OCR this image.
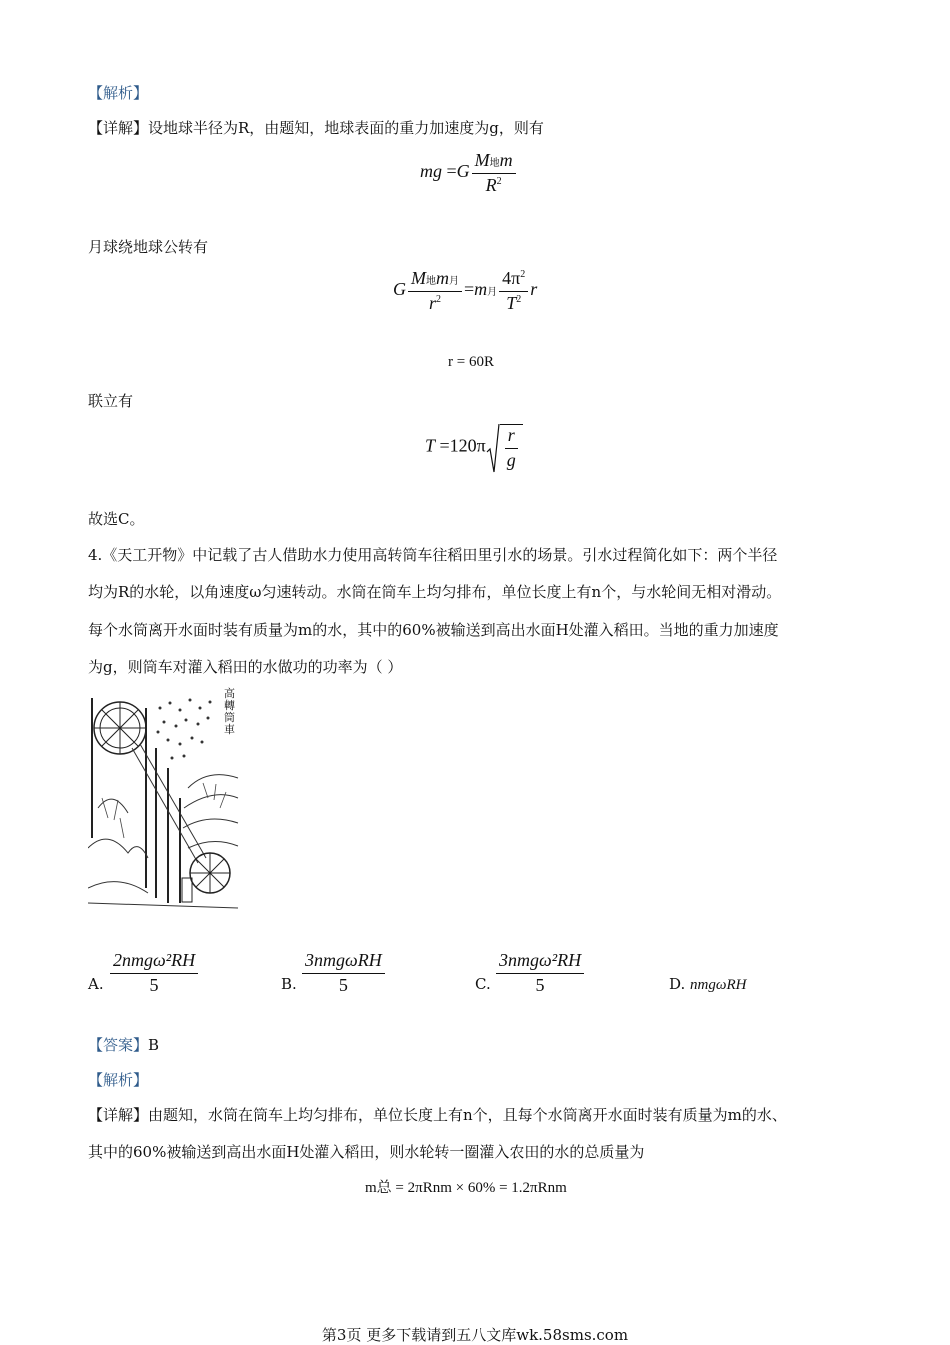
【解析】
【详解】设地球半径为R，由题知，地球表面的重力加速度为g，则有
mg $=G \frac{\text{M地m}}{R^2}$
月球绕地球公转有
G $\frac{\text{M地m月}}{r^2} =m$月 $\frac{4\pi^2}{T^2}$ r
r = 60R
联立有
$T =120\pi \frac{r}{g}$
故选C。
4.《天工开物》中记载了古人借助水力使用高转筒车往稻田里引水的场景。引水过程简化如下：两个半径
均为R的水轮，以角速度ω匀速转动。水筒在筒车上均匀排布，单位长度上有n个，与水轮间无相对滑动。
每个水筒离开水面时装有质量为m的水，其中的60%被输送到高出水面H处灌入稻田。当地的重力加速度
为g，则筒车对灌入稻田的水做功的功率为（ ）
高轉筒車
A. $\frac{\text{2nmgω²RH}}{5}$	B. $\frac{\text{3nmgωRH}}{5}$	C. $\frac{\text{3nmgω²RH}}{5}$	D. nmgωRH
【答案】B
【解析】
【详解】由题知，水筒在筒车上均匀排布，单位长度上有n个，且每个水筒离开水面时装有质量为m的水、
其中的60%被输送到高出水面H处灌入稻田，则水轮转一圈灌入农田的水的总质量为
m总 = 2πRnm × 60% = 1.2πRnm
第3页 更多下载请到五八文库wk.58sms.com
